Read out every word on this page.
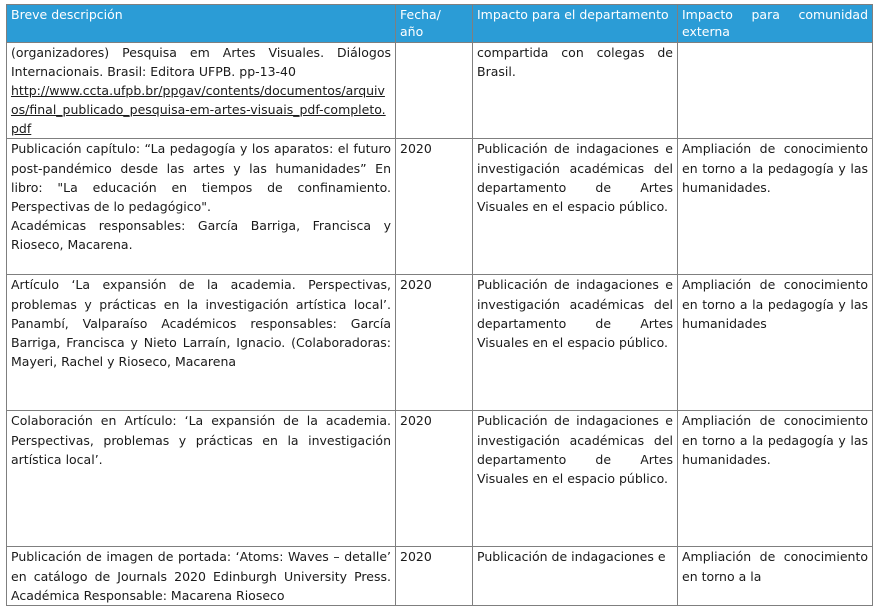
Breve descripción	Fecha/ año	Impacto para el departamento	Impacto para comunidad externa

(organizadores) Pesquisa em Artes Visuales. Diálogos Internacionais. Brasil: Editora UFPB. pp-13-40
http://www.ccta.ufpb.br/ppgav/contents/documentos/arquivos/final_publicado_pesquisa-em-artes-visuais_pdf-completo.pdf		compartida con colegas de Brasil.	

Publicación capítulo: “La pedagogía y los aparatos: el futuro post-pandémico desde las artes y las humanidades” En libro: "La educación en tiempos de confinamiento. Perspectivas de lo pedagógico".
Académicas responsables: García Barriga, Francisca y Rioseco, Macarena.	2020	Publicación de indagaciones e investigación académicas del departamento de Artes Visuales en el espacio público.	Ampliación de conocimiento en torno a la pedagogía y las humanidades.
Artículo ‘La expansión de la academia. Perspectivas, problemas y prácticas en la investigación artística local’. Panambí, Valparaíso Académicos responsables: García Barriga, Francisca y Nieto Larraín, Ignacio. (Colaboradoras: Mayeri, Rachel y Rioseco, Macarena	2020	Publicación de indagaciones e investigación académicas del departamento de Artes Visuales en el espacio público.	Ampliación de conocimiento en torno a la pedagogía y las humanidades
Colaboración en Artículo: ‘La expansión de la academia. Perspectivas, problemas y prácticas en la investigación artística local’.	2020	Publicación de indagaciones e investigación académicas del departamento de Artes Visuales en el espacio público.	Ampliación de conocimiento en torno a la pedagogía y las humanidades.
Publicación de imagen de portada: ‘Atoms: Waves – detalle’ en catálogo de Journals 2020 Edinburgh University Press. Académica Responsable: Macarena Rioseco	2020	Publicación de indagaciones e	Ampliación de conocimiento en torno a la
